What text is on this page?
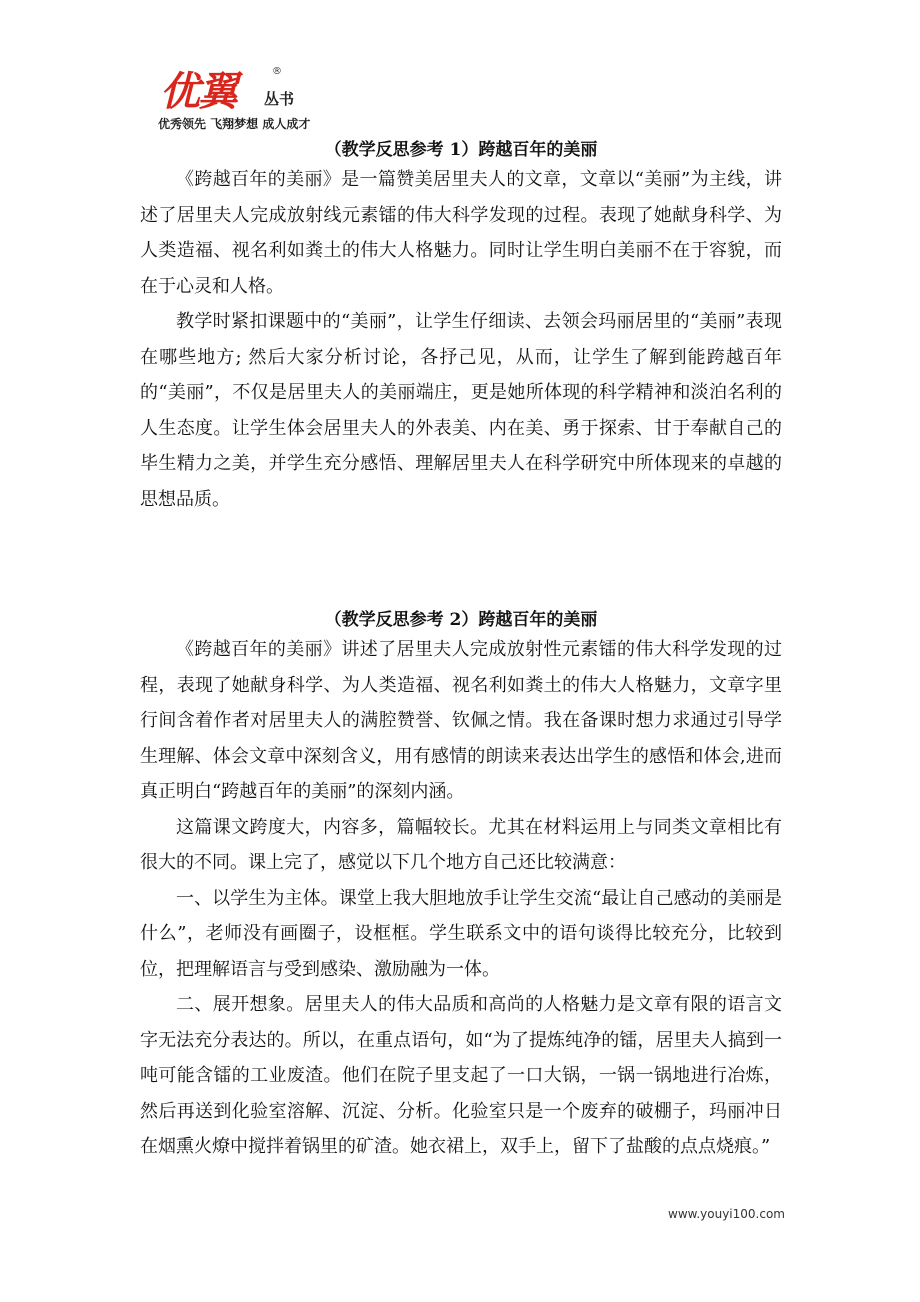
优翼	®
丛书
优秀领先 飞翔梦想 成人成才
（教学反思参考 1）跨越百年的美丽

《跨越百年的美丽》是一篇赞美居里夫人的文章，文章以“美丽”为主线，讲述了居里夫人完成放射线元素镭的伟大科学发现的过程。表现了她献身科学、为人类造福、视名利如粪土的伟大人格魅力。同时让学生明白美丽不在于容貌，而在于心灵和人格。

教学时紧扣课题中的“美丽”，让学生仔细读、去领会玛丽居里的“美丽”表现在哪些地方; 然后大家分析讨论，各抒己见，从而，让学生了解到能跨越百年的“美丽”，不仅是居里夫人的美丽端庄，更是她所体现的科学精神和淡泊名利的人生态度。让学生体会居里夫人的外表美、内在美、勇于探索、甘于奉献自己的毕生精力之美，并学生充分感悟、理解居里夫人在科学研究中所体现来的卓越的思想品质。

（教学反思参考 2）跨越百年的美丽

《跨越百年的美丽》讲述了居里夫人完成放射性元素镭的伟大科学发现的过程，表现了她献身科学、为人类造福、视名利如粪土的伟大人格魅力，文章字里行间含着作者对居里夫人的满腔赞誉、钦佩之情。我在备课时想力求通过引导学生理解、体会文章中深刻含义，用有感情的朗读来表达出学生的感悟和体会,进而真正明白“跨越百年的美丽”的深刻内涵。

这篇课文跨度大，内容多，篇幅较长。尤其在材料运用上与同类文章相比有很大的不同。课上完了，感觉以下几个地方自己还比较满意：

一、以学生为主体。课堂上我大胆地放手让学生交流“最让自己感动的美丽是什么”，老师没有画圈子，设框框。学生联系文中的语句谈得比较充分，比较到位，把理解语言与受到感染、激励融为一体。

二、展开想象。居里夫人的伟大品质和高尚的人格魅力是文章有限的语言文字无法充分表达的。所以，在重点语句，如“为了提炼纯净的镭，居里夫人搞到一吨可能含镭的工业废渣。他们在院子里支起了一口大锅，一锅一锅地进行冶炼，然后再送到化验室溶解、沉淀、分析。化验室只是一个废弃的破棚子，玛丽冲日在烟熏火燎中搅拌着锅里的矿渣。她衣裙上，双手上，留下了盐酸的点点烧痕。”

www.youyi100.com
